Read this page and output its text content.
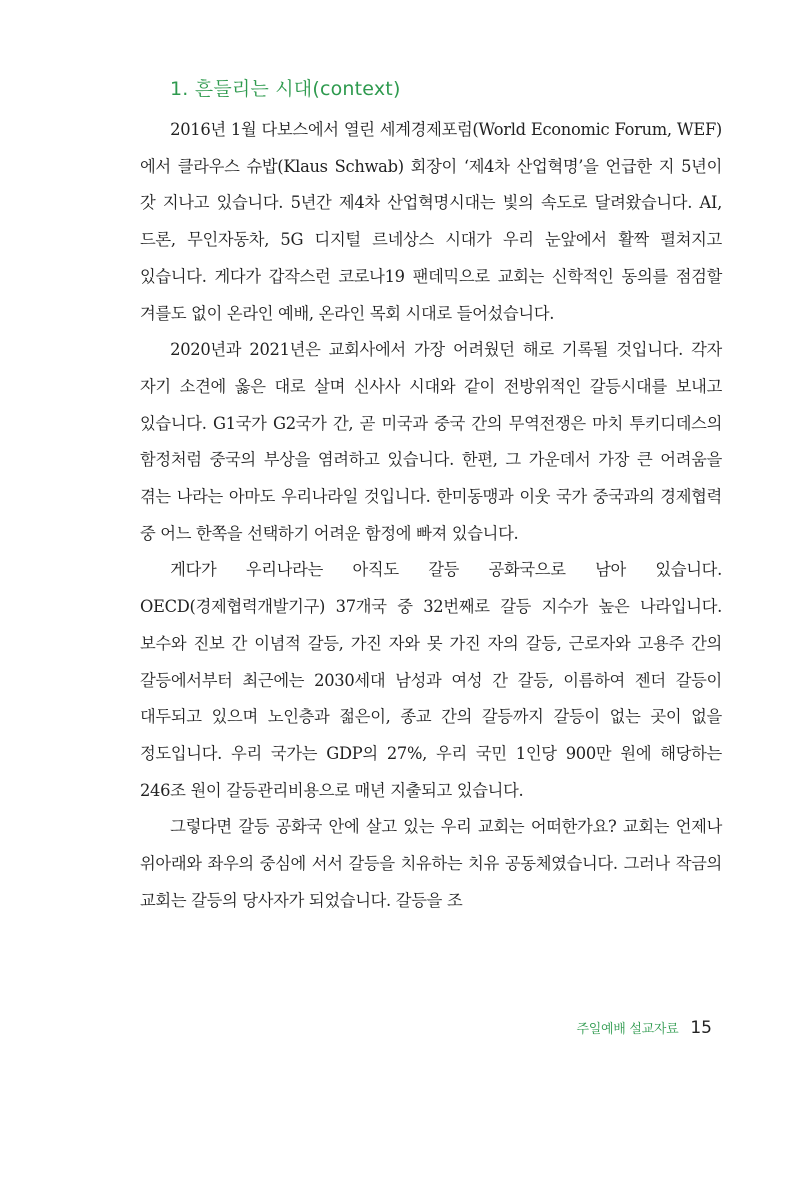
1. 흔들리는 시대(context)

2016년 1월 다보스에서 열린 세계경제포럼(World Economic Forum, WEF)에서 클라우스 슈밥(Klaus Schwab) 회장이 ‘제4차 산업혁명’을 언급한 지 5년이 갓 지나고 있습니다. 5년간 제4차 산업혁명시대는 빛의 속도로 달려왔습니다. AI, 드론, 무인자동차, 5G 디지털 르네상스 시대가 우리 눈앞에서 활짝 펼쳐지고 있습니다. 게다가 갑작스런 코로나19 팬데믹으로 교회는 신학적인 동의를 점검할 겨를도 없이 온라인 예배, 온라인 목회 시대로 들어섰습니다.

2020년과 2021년은 교회사에서 가장 어려웠던 해로 기록될 것입니다. 각자 자기 소견에 옳은 대로 살며 신사사 시대와 같이 전방위적인 갈등시대를 보내고 있습니다. G1국가 G2국가 간, 곧 미국과 중국 간의 무역전쟁은 마치 투키디데스의 함정처럼 중국의 부상을 염려하고 있습니다. 한편, 그 가운데서 가장 큰 어려움을 겪는 나라는 아마도 우리나라일 것입니다. 한미동맹과 이웃 국가 중국과의 경제협력 중 어느 한쪽을 선택하기 어려운 함정에 빠져 있습니다.

게다가 우리나라는 아직도 갈등 공화국으로 남아 있습니다. OECD(경제협력개발기구) 37개국 중 32번째로 갈등 지수가 높은 나라입니다. 보수와 진보 간 이념적 갈등, 가진 자와 못 가진 자의 갈등, 근로자와 고용주 간의 갈등에서부터 최근에는 2030세대 남성과 여성 간 갈등, 이름하여 젠더 갈등이 대두되고 있으며 노인층과 젊은이, 종교 간의 갈등까지 갈등이 없는 곳이 없을 정도입니다. 우리 국가는 GDP의 27%, 우리 국민 1인당 900만 원에 해당하는 246조 원이 갈등관리비용으로 매년 지출되고 있습니다.

그렇다면 갈등 공화국 안에 살고 있는 우리 교회는 어떠한가요? 교회는 언제나 위아래와 좌우의 중심에 서서 갈등을 치유하는 치유 공동체였습니다. 그러나 작금의 교회는 갈등의 당사자가 되었습니다. 갈등을 조

주일예배 설교자료 15
